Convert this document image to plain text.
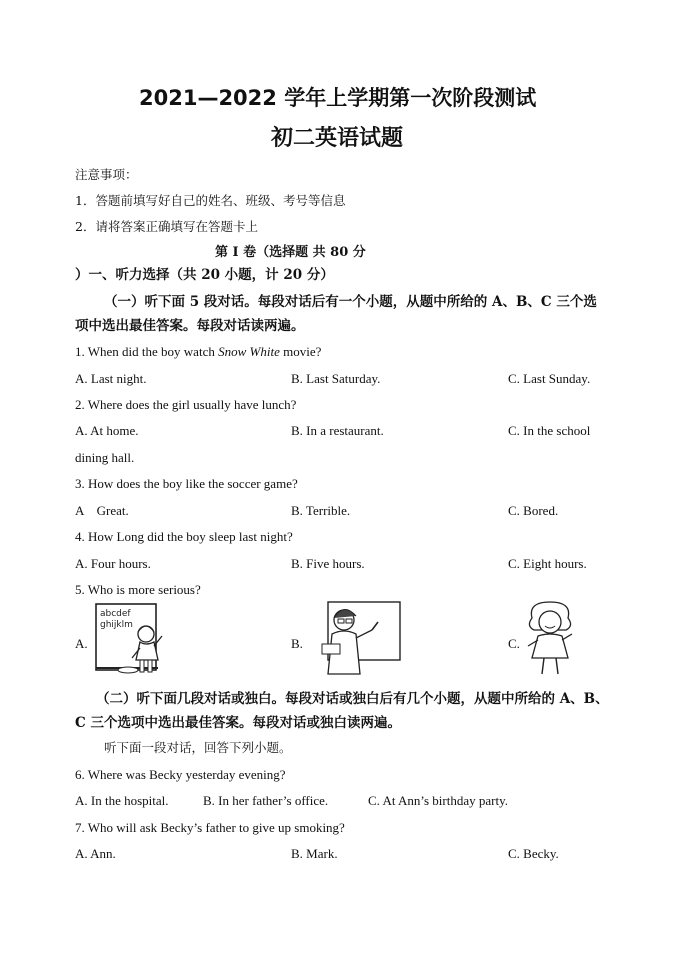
2021—2022 学年上学期第一次阶段测试
初二英语试题
注意事项：
1．答题前填写好自己的姓名、班级、考号等信息
2．请将答案正确填写在答题卡上
第 I 卷（选择题 共 80 分
）一、听力选择（共 20 小题，计 20 分）
（一）听下面 5 段对话。每段对话后有一个小题，从题中所给的 A、B、C 三个选
项中选出最佳答案。每段对话读两遍。
1. When did the boy watch Snow White movie?
A. Last night.	B. Last Saturday.	C. Last Sunday.
2. Where does the girl usually have lunch?
A. At home.	B. In a restaurant.	C. In the school
dining hall.
3. How does the boy like the soccer game?
A    Great.	B. Terrible.	C. Bored.
4. How Long did the boy sleep last night?
A. Four hours.	B. Five hours.	C. Eight hours.
5. Who is more serious?
A.	B.	C.
abcdef
ghijklm
（二）听下面几段对话或独白。每段对话或独白后有几个小题，从题中所给的 A、B、
C 三个选项中选出最佳答案。每段对话或独白读两遍。
听下面一段对话，回答下列小题。
6. Where was Becky yesterday evening?
A. In the hospital.	B. In her father’s office.	C. At Ann’s birthday party.
7. Who will ask Becky’s father to give up smoking?
A. Ann.	B. Mark.	C. Becky.
